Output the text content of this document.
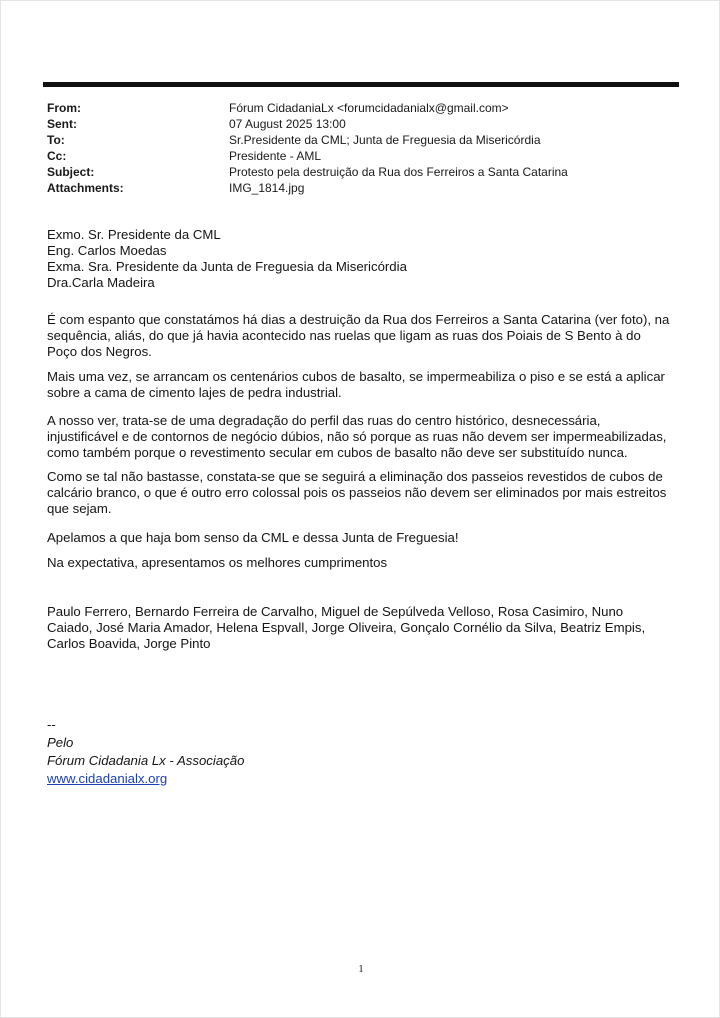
From:	Fórum CidadaniaLx <forumcidadanialx@gmail.com>
Sent:	07 August 2025 13:00
To:	Sr.Presidente da CML; Junta de Freguesia da Misericórdia
Cc:	Presidente - AML
Subject:	Protesto pela destruição da Rua dos Ferreiros a Santa Catarina
Attachments:	IMG_1814.jpg
Exmo. Sr. Presidente da CML
Eng. Carlos Moedas
Exma. Sra. Presidente da Junta de Freguesia da Misericórdia
Dra.Carla Madeira
É com espanto que constatámos há dias a destruição da Rua dos Ferreiros a Santa Catarina (ver foto), na
sequência, aliás, do que já havia acontecido nas ruelas que ligam as ruas dos Poiais de S Bento à do
Poço dos Negros.
Mais uma vez, se arrancam os centenários cubos de basalto, se impermeabiliza o piso e se está a aplicar
sobre a cama de cimento lajes de pedra industrial.
A nosso ver, trata-se de uma degradação do perfil das ruas do centro histórico, desnecessária,
injustificável e de contornos de negócio dúbios, não só porque as ruas não devem ser impermeabilizadas,
como também porque o revestimento secular em cubos de basalto não deve ser substituído nunca.
Como se tal não bastasse, constata-se que se seguirá a eliminação dos passeios revestidos de cubos de
calcário branco, o que é outro erro colossal pois os passeios não devem ser eliminados por mais estreitos
que sejam.
Apelamos a que haja bom senso da CML e dessa Junta de Freguesia!
Na expectativa, apresentamos os melhores cumprimentos
Paulo Ferrero, Bernardo Ferreira de Carvalho, Miguel de Sepúlveda Velloso, Rosa Casimiro, Nuno
Caiado, José Maria Amador, Helena Espvall, Jorge Oliveira, Gonçalo Cornélio da Silva, Beatriz Empis,
Carlos Boavida, Jorge Pinto
--
Pelo
Fórum Cidadania Lx - Associação
www.cidadanialx.org
1
